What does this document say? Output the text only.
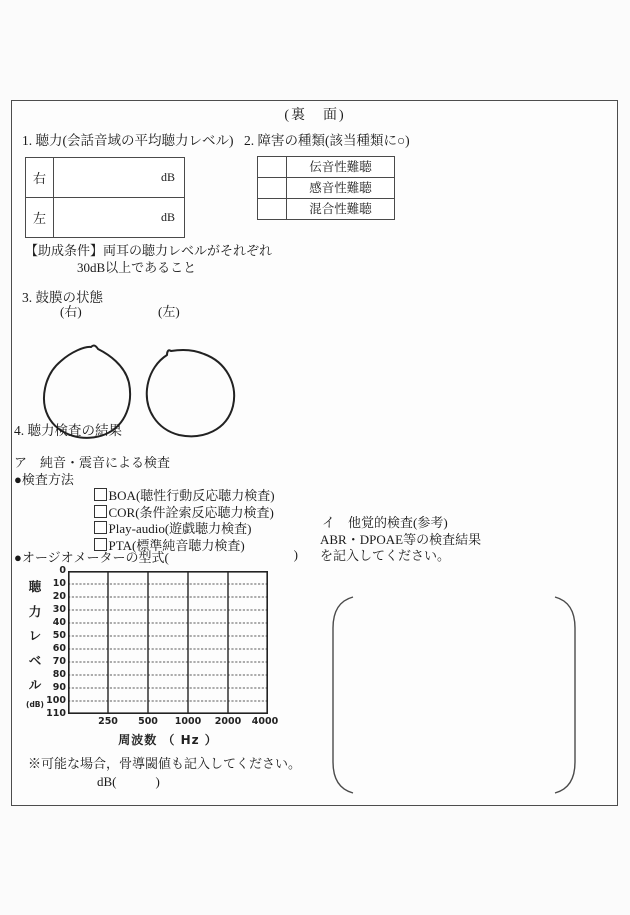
(裏　面)
1. 聴力(会話音域の平均聴力レベル) 2. 障害の種類(該当種類に○)
右	dB
左	dB
【助成条件】両耳の聴力レベルがそれぞれ
30dB以上であること
伝音性難聴
感音性難聴
混合性難聴
3. 鼓膜の状態
(右)	(左)

4. 聴力検査の結果
ア　純音・震音による検査
●検査方法

BOA(聴性行動反応聴力検査)

COR(条件詮索反応聴力検査)

Play-audio(遊戯聴力検査)

PTA(標準純音聴力検査)

イ　他覚的検査(参考)
ABR・DPOAE等の検査結果
を記入してください。
●オージオメーターの型式(	)
0
10
20
30
40
50
60
70
80
90
100
110
聴
力
レ
ベ
ル
(dB)
250	500	1000	2000	4000
周波数 （ Hz ）
※可能な場合，骨導閾値も記入してください。
dB(　　　)
